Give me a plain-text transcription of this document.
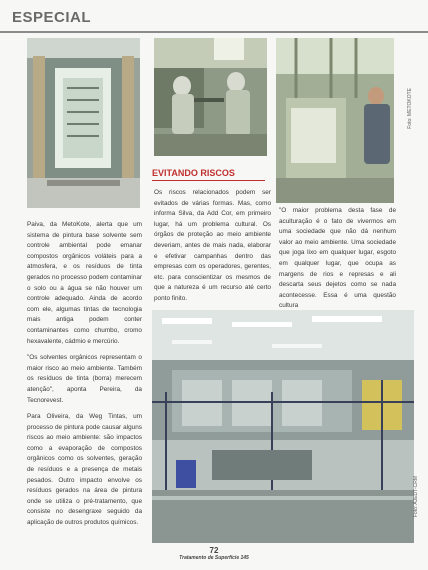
ESPECIAL
Foto: METOKOTE
Foto: AJEDT-CRM

Paiva, da MetoKote, alerta que um sistema de pintura base solvente sem controle ambiental pode emanar compostos orgânicos voláteis para a atmosfera, e os resíduos de tinta gerados no processo podem contaminar o solo ou a água se não houver um controle adequado. Ainda de acordo com ele, algumas tintas de tecnologia mais antiga podem conter contaminantes como chumbo, cromo hexavalente, cádmio e mercúrio.

"Os solventes orgânicos representam o maior risco ao meio ambiente. Também os resíduos de tinta (borra) merecem atenção", aponta Pereira, da Tecnorevest.

Para Oliveira, da Weg Tintas, um processo de pintura pode causar alguns riscos ao meio ambiente: são impactos como a evaporação de compostos orgânicos como os solventes, geração de resíduos e a presença de metais pesados. Outro impacto envolve os resíduos gerados na área de pintura onde se utiliza o pré-tratamento, que consiste no desengraxe seguido da aplicação de outros produtos químicos.

EVITANDO RISCOS

Os riscos relacionados podem ser evitados de várias formas. Mas, como informa Silva, da Add Cor, em primeiro lugar, há um problema cultural. Os órgãos de proteção ao meio ambiente deveriam, antes de mais nada, elaborar e efetivar campanhas dentro das empresas com os operadores, gerentes, etc. para conscientizar os mesmos de que a natureza é um recurso até certo ponto finito.

"O maior problema desta fase de aculturação é o fato de vivermos em uma sociedade que não dá nenhum valor ao meio ambiente. Uma sociedade que joga lixo em qualquer lugar, esgoto em qualquer lugar, que ocupa as margens de rios e represas e ali descarta seus dejetos como se nada acontecesse. Essa é uma questão cultura

72
Tratamento de Superfície 145
